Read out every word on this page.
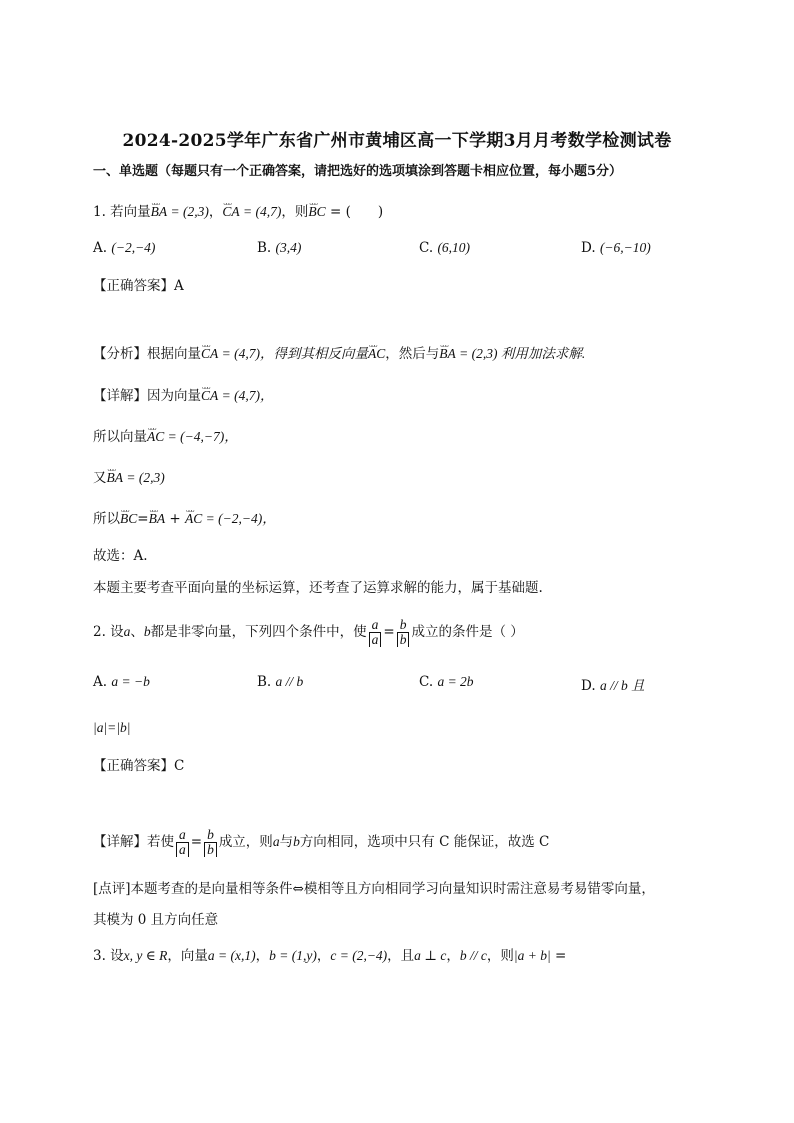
2024-2025学年广东省广州市黄埔区高一下学期3月月考数学检测试卷
一、单选题（每题只有一个正确答案，请把选好的选项填涂到答题卡相应位置，每小题5分）
1. 若向量ᴗᴗᴗ BA = (2,3)，ᴗᴗᴗ CA = (4,7)，则ᴗᴗᴗ BC = (　　)
A. (−2,−4)	B. (3,4)	C. (6,10)	D. (−6,−10)
【正确答案】A
【分析】根据向量ᴗᴗᴗ CA = (4,7)，得到其相反向量ᴗᴗᴗ AC，然后与ᴗᴗᴗ BA = (2,3) 利用加法求解.
【详解】因为向量ᴗᴗᴗ CA = (4,7)，
所以向量ᴗᴗᴗ AC = (−4,−7)，
又ᴗᴗᴗ BA = (2,3)
所以ᴗᴗᴗ BC=ᴗᴗᴗ BA + ᴗᴗᴗ AC = (−2,−4)，
故选：A.
本题主要考查平面向量的坐标运算，还考查了运算求解的能力，属于基础题.
2. 设a、b都是非零向量，下列四个条件中，使 $\frac{a}{a} = \frac{b}{b}$ 成立的条件是（ ）
A. a = −b	B. a // b	C. a = 2b	D. a // b 且
|a|=|b|
【正确答案】C
【详解】若使 $\frac{a}{a} = \frac{b}{b}$ 成立，则a与b方向相同，选项中只有 C 能保证，故选 C
[点评]本题考查的是向量相等条件⇔模相等且方向相同学习向量知识时需注意易考易错零向量，
其模为 0 且方向任意
3. 设x, y ∈ R，向量a = (x,1)，b = (1,y)，c = (2,−4)，且a ⊥ c，b // c，则|a + b| =
